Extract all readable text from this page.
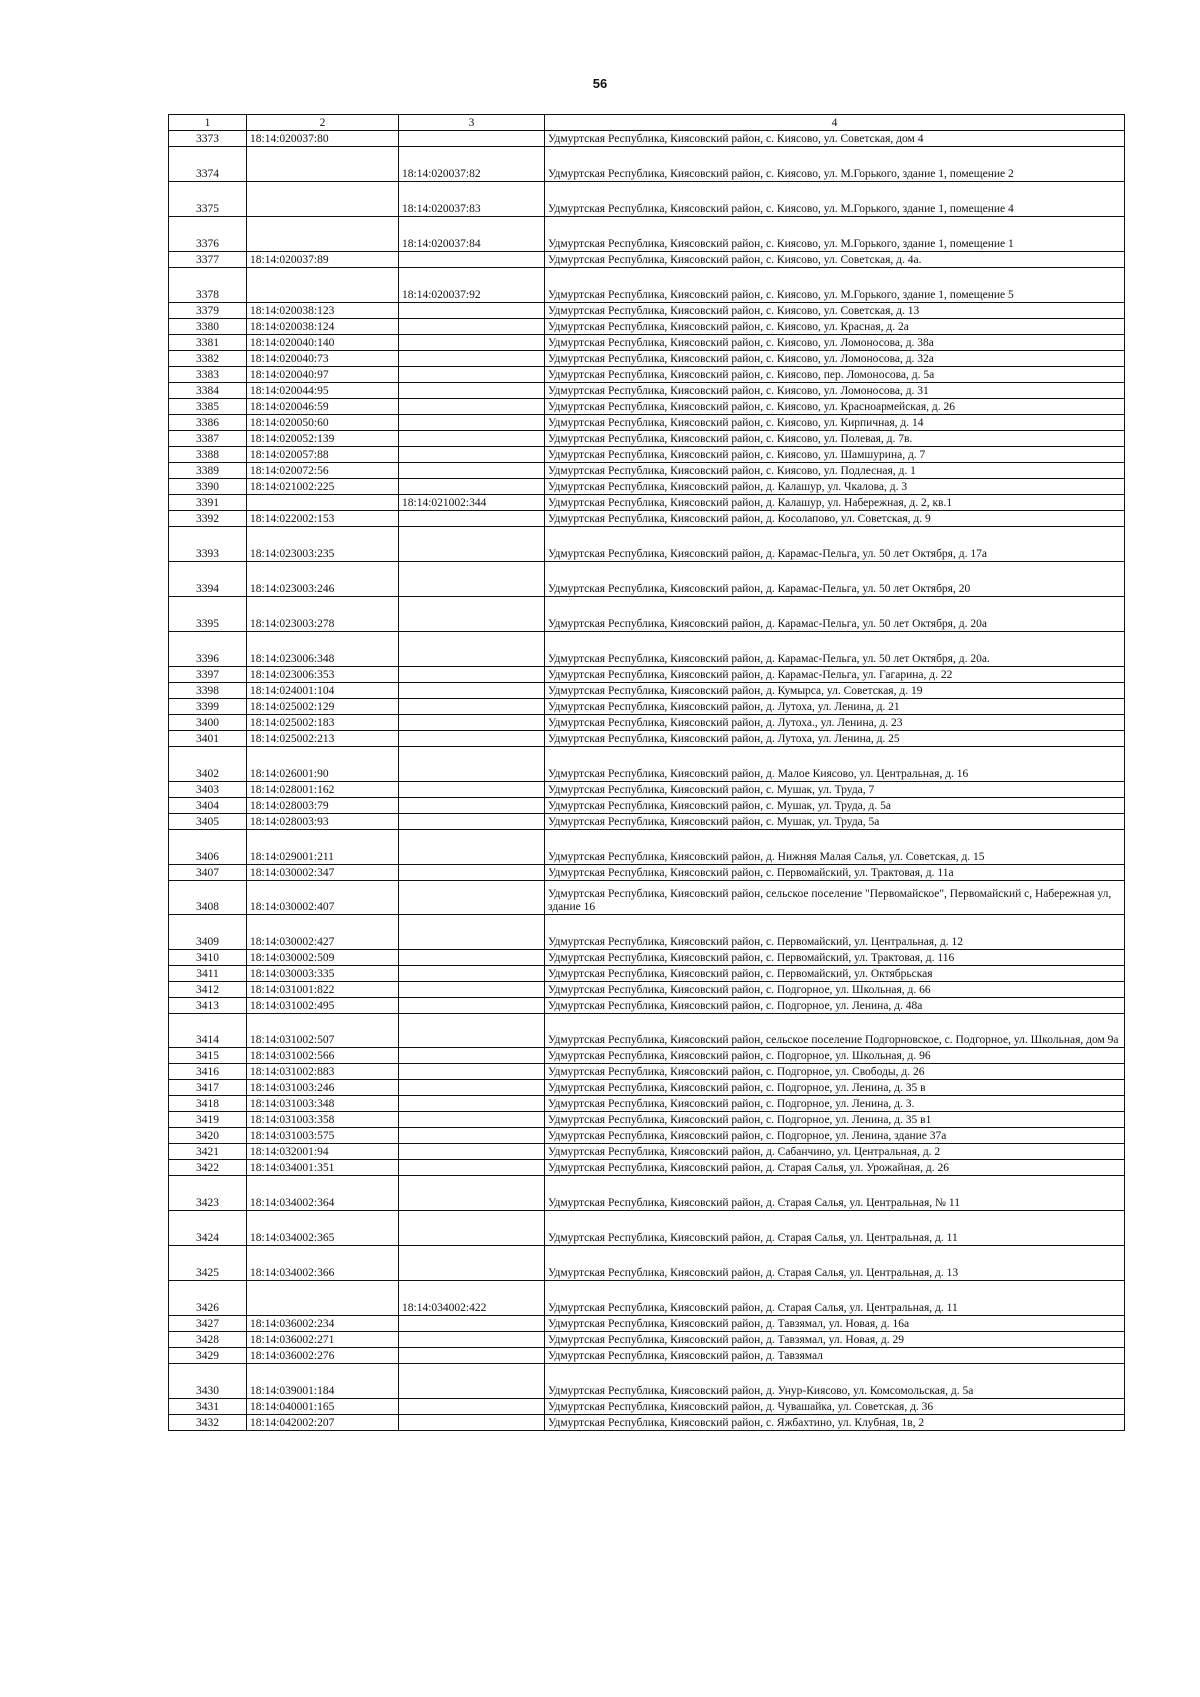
56
1	2	3	4
3373	18:14:020037:80		Удмуртская Республика, Киясовский район, с. Киясово, ул. Советская, дом 4
3374		18:14:020037:82	Удмуртская Республика, Киясовский район, с. Киясово, ул. М.Горького, здание 1, помещение 2
3375		18:14:020037:83	Удмуртская Республика, Киясовский район, с. Киясово, ул. М.Горького, здание 1, помещение 4
3376		18:14:020037:84	Удмуртская Республика, Киясовский район, с. Киясово, ул. М.Горького, здание 1, помещение 1
3377	18:14:020037:89		Удмуртская Республика, Киясовский район, с. Киясово, ул. Советская, д. 4а.
3378		18:14:020037:92	Удмуртская Республика, Киясовский район, с. Киясово, ул. М.Горького, здание 1, помещение 5
3379	18:14:020038:123		Удмуртская Республика, Киясовский район, с. Киясово, ул. Советская, д. 13
3380	18:14:020038:124		Удмуртская Республика, Киясовский район, с. Киясово, ул. Красная, д. 2а
3381	18:14:020040:140		Удмуртская Республика, Киясовский район, с. Киясово, ул. Ломоносова, д. 38а
3382	18:14:020040:73		Удмуртская Республика, Киясовский район, с. Киясово, ул. Ломоносова, д. 32а
3383	18:14:020040:97		Удмуртская Республика, Киясовский район, с. Киясово, пер. Ломоносова, д. 5а
3384	18:14:020044:95		Удмуртская Республика, Киясовский район, с. Киясово, ул. Ломоносова, д. 31
3385	18:14:020046:59		Удмуртская Республика, Киясовский район, с. Киясово, ул. Красноармейская, д. 26
3386	18:14:020050:60		Удмуртская Республика, Киясовский район, с. Киясово, ул. Кирпичная, д. 14
3387	18:14:020052:139		Удмуртская Республика, Киясовский район, с. Киясово, ул. Полевая, д. 7в.
3388	18:14:020057:88		Удмуртская Республика, Киясовский район, с. Киясово, ул. Шамшурина, д. 7
3389	18:14:020072:56		Удмуртская Республика, Киясовский район, с. Киясово, ул. Подлесная, д. 1
3390	18:14:021002:225		Удмуртская Республика, Киясовский район, д. Калашур, ул. Чкалова, д. 3
3391		18:14:021002:344	Удмуртская Республика, Киясовский район, д. Калашур, ул. Набережная, д. 2, кв.1
3392	18:14:022002:153		Удмуртская Республика, Киясовский район, д. Косолапово, ул. Советская, д. 9
3393	18:14:023003:235		Удмуртская Республика, Киясовский район, д. Карамас-Пельга, ул. 50 лет Октября, д. 17а
3394	18:14:023003:246		Удмуртская Республика, Киясовский район, д. Карамас-Пельга, ул. 50 лет Октября, 20
3395	18:14:023003:278		Удмуртская Республика, Киясовский район, д. Карамас-Пельга, ул. 50 лет Октября, д. 20а
3396	18:14:023006:348		Удмуртская Республика, Киясовский район, д. Карамас-Пельга, ул. 50 лет Октября, д. 20а.
3397	18:14:023006:353		Удмуртская Республика, Киясовский район, д. Карамас-Пельга, ул. Гагарина, д. 22
3398	18:14:024001:104		Удмуртская Республика, Киясовский район, д. Кумырса, ул. Советская, д. 19
3399	18:14:025002:129		Удмуртская Республика, Киясовский район, д. Лутоха, ул. Ленина, д. 21
3400	18:14:025002:183		Удмуртская Республика, Киясовский район, д. Лутоха., ул. Ленина, д. 23
3401	18:14:025002:213		Удмуртская Республика, Киясовский район, д. Лутоха, ул. Ленина, д. 25
3402	18:14:026001:90		Удмуртская Республика, Киясовский район, д. Малое Киясово, ул. Центральная, д. 16
3403	18:14:028001:162		Удмуртская Республика, Киясовский район, с. Мушак, ул. Труда, 7
3404	18:14:028003:79		Удмуртская Республика, Киясовский район, с. Мушак, ул. Труда, д. 5а
3405	18:14:028003:93		Удмуртская Республика, Киясовский район, с. Мушак, ул. Труда, 5а
3406	18:14:029001:211		Удмуртская Республика, Киясовский район, д. Нижняя Малая Салья, ул. Советская, д. 15
3407	18:14:030002:347		Удмуртская Республика, Киясовский район, с. Первомайский, ул. Трактовая, д. 11а
3408	18:14:030002:407		Удмуртская Республика, Киясовский район, сельское поселение "Первомайское", Первомайский с, Набережная ул, здание 16
3409	18:14:030002:427		Удмуртская Республика, Киясовский район, с. Первомайский, ул. Центральная, д. 12
3410	18:14:030002:509		Удмуртская Республика, Киясовский район, с. Первомайский, ул. Трактовая, д. 116
3411	18:14:030003:335		Удмуртская Республика, Киясовский район, с. Первомайский, ул. Октябрьская
3412	18:14:031001:822		Удмуртская Республика, Киясовский район, с. Подгорное, ул. Школьная, д. 66
3413	18:14:031002:495		Удмуртская Республика, Киясовский район, с. Подгорное, ул. Ленина, д. 48а
3414	18:14:031002:507		Удмуртская Республика, Киясовский район, сельское поселение Подгорновское, с. Подгорное, ул. Школьная, дом 9а
3415	18:14:031002:566		Удмуртская Республика, Киясовский район, с. Подгорное, ул. Школьная, д. 96
3416	18:14:031002:883		Удмуртская Республика, Киясовский район, с. Подгорное, ул. Свободы, д. 26
3417	18:14:031003:246		Удмуртская Республика, Киясовский район, с. Подгорное, ул. Ленина, д. 35 в
3418	18:14:031003:348		Удмуртская Республика, Киясовский район, с. Подгорное, ул. Ленина, д. 3.
3419	18:14:031003:358		Удмуртская Республика, Киясовский район, с. Подгорное, ул. Ленина, д. 35 в1
3420	18:14:031003:575		Удмуртская Республика, Киясовский район, с. Подгорное, ул. Ленина, здание 37а
3421	18:14:032001:94		Удмуртская Республика, Киясовский район, д. Сабанчино, ул. Центральная, д. 2
3422	18:14:034001:351		Удмуртская Республика, Киясовский район, д. Старая Салья, ул. Урожайная, д. 26
3423	18:14:034002:364		Удмуртская Республика, Киясовский район, д. Старая Салья, ул. Центральная, № 11
3424	18:14:034002:365		Удмуртская Республика, Киясовский район, д. Старая Салья, ул. Центральная, д. 11
3425	18:14:034002:366		Удмуртская Республика, Киясовский район, д. Старая Салья, ул. Центральная, д. 13
3426		18:14:034002:422	Удмуртская Республика, Киясовский район, д. Старая Салья, ул. Центральная, д. 11
3427	18:14:036002:234		Удмуртская Республика, Киясовский район, д. Тавзямал, ул. Новая, д. 16а
3428	18:14:036002:271		Удмуртская Республика, Киясовский район, д. Тавзямал, ул. Новая, д. 29
3429	18:14:036002:276		Удмуртская Республика, Киясовский район, д. Тавзямал
3430	18:14:039001:184		Удмуртская Республика, Киясовский район, д. Унур-Киясово, ул. Комсомольская, д. 5а
3431	18:14:040001:165		Удмуртская Республика, Киясовский район, д. Чувашайка, ул. Советская, д. 36
3432	18:14:042002:207		Удмуртская Республика, Киясовский район, с. Яжбахтино, ул. Клубная, 1в, 2
